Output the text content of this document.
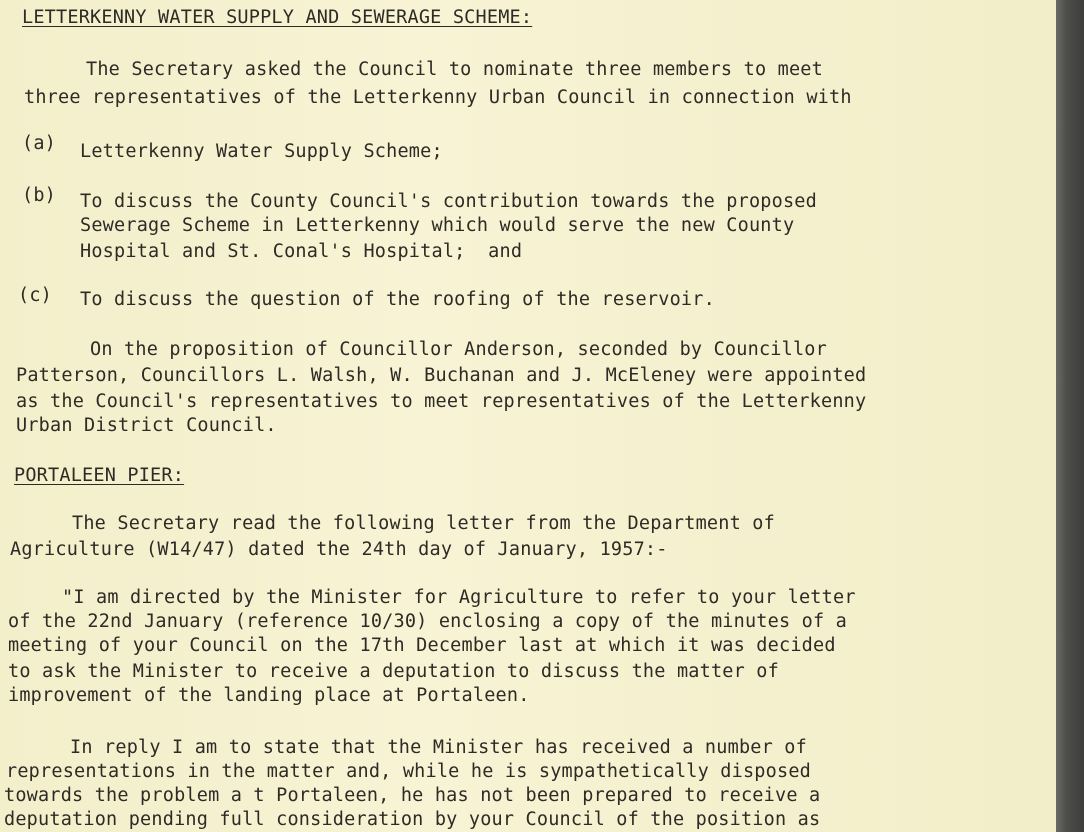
LETTERKENNY WATER SUPPLY AND SEWERAGE SCHEME:
The Secretary asked the Council to nominate three members to meet
three representatives of the Letterkenny Urban Council in connection with
(a) Letterkenny Water Supply Scheme;
(b) To discuss the County Council's contribution towards the proposed
Sewerage Scheme in Letterkenny which would serve the new County
Hospital and St. Conal's Hospital;  and
(c) To discuss the question of the roofing of the reservoir.
On the proposition of Councillor Anderson, seconded by Councillor
Patterson, Councillors L. Walsh, W. Buchanan and J. McEleney were appointed
as the Council's representatives to meet representatives of the Letterkenny
Urban District Council.
PORTALEEN PIER:
The Secretary read the following letter from the Department of
Agriculture (W14/47) dated the 24th day of January, 1957:-
"I am directed by the Minister for Agriculture to refer to your letter
of the 22nd January (reference 10/30) enclosing a copy of the minutes of a
meeting of your Council on the 17th December last at which it was decided
to ask the Minister to receive a deputation to discuss the matter of
improvement of the landing place at Portaleen.
In reply I am to state that the Minister has received a number of
representations in the matter and, while he is sympathetically disposed
towards the problem a t Portaleen, he has not been prepared to receive a
deputation pending full consideration by your Council of the position as
